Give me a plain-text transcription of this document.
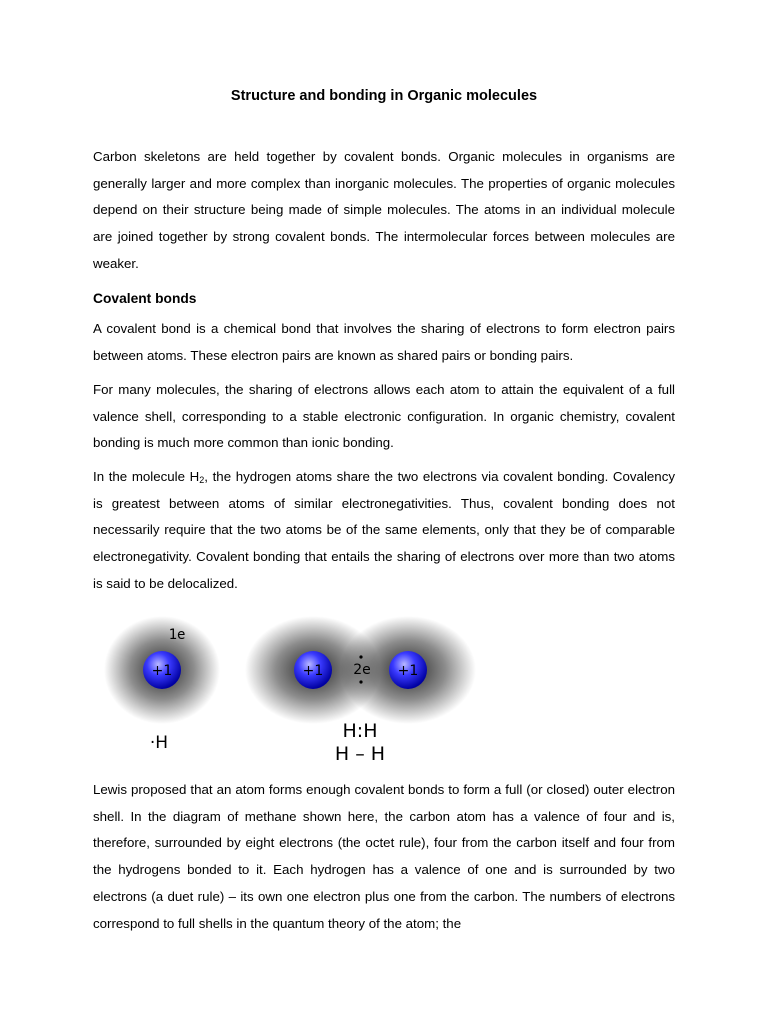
Structure and bonding in Organic molecules

Carbon skeletons are held together by covalent bonds. Organic molecules in organisms are generally larger and more complex than inorganic molecules. The properties of organic molecules depend on their structure being made of simple molecules. The atoms in an individual molecule are joined together by strong covalent bonds. The intermolecular forces between molecules are weaker.

Covalent bonds

A covalent bond is a chemical bond that involves the sharing of electrons to form electron pairs between atoms. These electron pairs are known as shared pairs or bonding pairs.

For many molecules, the sharing of electrons allows each atom to attain the equivalent of a full valence shell, corresponding to a stable electronic configuration. In organic chemistry, covalent bonding is much more common than ionic bonding.

In the molecule $H_2$, the hydrogen atoms share the two electrons via covalent bonding. Covalency is greatest between atoms of similar electronegativities. Thus, covalent bonding does not necessarily require that the two atoms be of the same elements, only that they be of comparable electronegativity. Covalent bonding that entails the sharing of electrons over more than two atoms is said to be delocalized.

Lewis proposed that an atom forms enough covalent bonds to form a full (or closed) outer electron shell. In the diagram of methane shown here, the carbon atom has a valence of four and is, therefore, surrounded by eight electrons (the octet rule), four from the carbon itself and four from the hydrogens bonded to it. Each hydrogen has a valence of one and is surrounded by two electrons (a duet rule) – its own one electron plus one from the carbon. The numbers of electrons correspond to full shells in the quantum theory of the atom; the

+1
1e
·H
+1	+1
2e
H:H
H – H
